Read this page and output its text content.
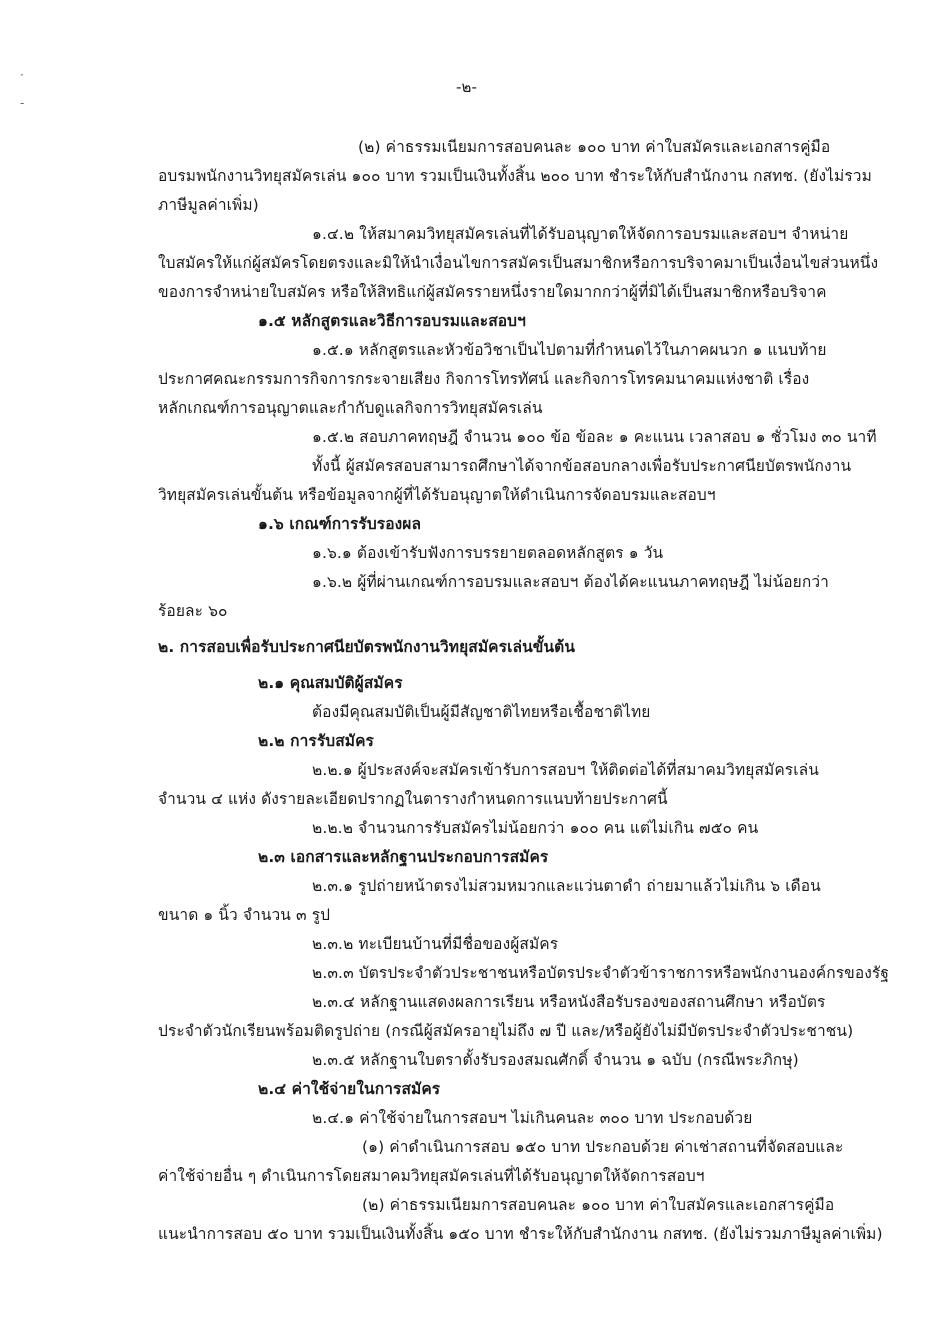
·
-
-๒-
(๒) ค่าธรรมเนียมการสอบคนละ ๑๐๐ บาท ค่าใบสมัครและเอกสารคู่มือ
อบรมพนักงานวิทยุสมัครเล่น ๑๐๐ บาท รวมเป็นเงินทั้งสิ้น ๒๐๐ บาท ชำระให้กับสำนักงาน กสทช. (ยังไม่รวม
ภาษีมูลค่าเพิ่ม)
๑.๔.๒ ให้สมาคมวิทยุสมัครเล่นที่ได้รับอนุญาตให้จัดการอบรมและสอบฯ จำหน่าย
ใบสมัครให้แก่ผู้สมัครโดยตรงและมิให้นำเงื่อนไขการสมัครเป็นสมาชิกหรือการบริจาคมาเป็นเงื่อนไขส่วนหนึ่ง
ของการจำหน่ายใบสมัคร หรือให้สิทธิแก่ผู้สมัครรายหนึ่งรายใดมากกว่าผู้ที่มิได้เป็นสมาชิกหรือบริจาค
๑.๕ หลักสูตรและวิธีการอบรมและสอบฯ
๑.๕.๑ หลักสูตรและหัวข้อวิชาเป็นไปตามที่กำหนดไว้ในภาคผนวก ๑ แนบท้าย
ประกาศคณะกรรมการกิจการกระจายเสียง กิจการโทรทัศน์ และกิจการโทรคมนาคมแห่งชาติ เรื่อง
หลักเกณฑ์การอนุญาตและกำกับดูแลกิจการวิทยุสมัครเล่น
๑.๕.๒ สอบภาคทฤษฎี จำนวน ๑๐๐ ข้อ ข้อละ ๑ คะแนน เวลาสอบ ๑ ชั่วโมง ๓๐ นาที
ทั้งนี้ ผู้สมัครสอบสามารถศึกษาได้จากข้อสอบกลางเพื่อรับประกาศนียบัตรพนักงาน
วิทยุสมัครเล่นขั้นต้น หรือข้อมูลจากผู้ที่ได้รับอนุญาตให้ดำเนินการจัดอบรมและสอบฯ
๑.๖ เกณฑ์การรับรองผล
๑.๖.๑ ต้องเข้ารับฟังการบรรยายตลอดหลักสูตร ๑ วัน
๑.๖.๒ ผู้ที่ผ่านเกณฑ์การอบรมและสอบฯ ต้องได้คะแนนภาคทฤษฎี ไม่น้อยกว่า
ร้อยละ ๖๐
๒. การสอบเพื่อรับประกาศนียบัตรพนักงานวิทยุสมัครเล่นขั้นต้น
๒.๑ คุณสมบัติผู้สมัคร
ต้องมีคุณสมบัติเป็นผู้มีสัญชาติไทยหรือเชื้อชาติไทย
๒.๒ การรับสมัคร
๒.๒.๑ ผู้ประสงค์จะสมัครเข้ารับการสอบฯ ให้ติดต่อได้ที่สมาคมวิทยุสมัครเล่น
จำนวน ๔ แห่ง ดังรายละเอียดปรากฏในตารางกำหนดการแนบท้ายประกาศนี้
๒.๒.๒ จำนวนการรับสมัครไม่น้อยกว่า ๑๐๐ คน แต่ไม่เกิน ๗๕๐ คน
๒.๓ เอกสารและหลักฐานประกอบการสมัคร
๒.๓.๑ รูปถ่ายหน้าตรงไม่สวมหมวกและแว่นตาดำ ถ่ายมาแล้วไม่เกิน ๖ เดือน
ขนาด ๑ นิ้ว จำนวน ๓ รูป
๒.๓.๒ ทะเบียนบ้านที่มีชื่อของผู้สมัคร
๒.๓.๓ บัตรประจำตัวประชาชนหรือบัตรประจำตัวข้าราชการหรือพนักงานองค์กรของรัฐ
๒.๓.๔ หลักฐานแสดงผลการเรียน หรือหนังสือรับรองของสถานศึกษา หรือบัตร
ประจำตัวนักเรียนพร้อมติดรูปถ่าย (กรณีผู้สมัครอายุไม่ถึง ๗ ปี และ/หรือผู้ยังไม่มีบัตรประจำตัวประชาชน)
๒.๓.๕ หลักฐานใบตราตั้งรับรองสมณศักดิ์ จำนวน ๑ ฉบับ (กรณีพระภิกษุ)
๒.๔ ค่าใช้จ่ายในการสมัคร
๒.๔.๑ ค่าใช้จ่ายในการสอบฯ ไม่เกินคนละ ๓๐๐ บาท ประกอบด้วย
(๑) ค่าดำเนินการสอบ ๑๕๐ บาท ประกอบด้วย ค่าเช่าสถานที่จัดสอบและ
ค่าใช้จ่ายอื่น ๆ ดำเนินการโดยสมาคมวิทยุสมัครเล่นที่ได้รับอนุญาตให้จัดการสอบฯ
(๒) ค่าธรรมเนียมการสอบคนละ ๑๐๐ บาท ค่าใบสมัครและเอกสารคู่มือ
แนะนำการสอบ ๕๐ บาท รวมเป็นเงินทั้งสิ้น ๑๕๐ บาท ชำระให้กับสำนักงาน กสทช. (ยังไม่รวมภาษีมูลค่าเพิ่ม)
